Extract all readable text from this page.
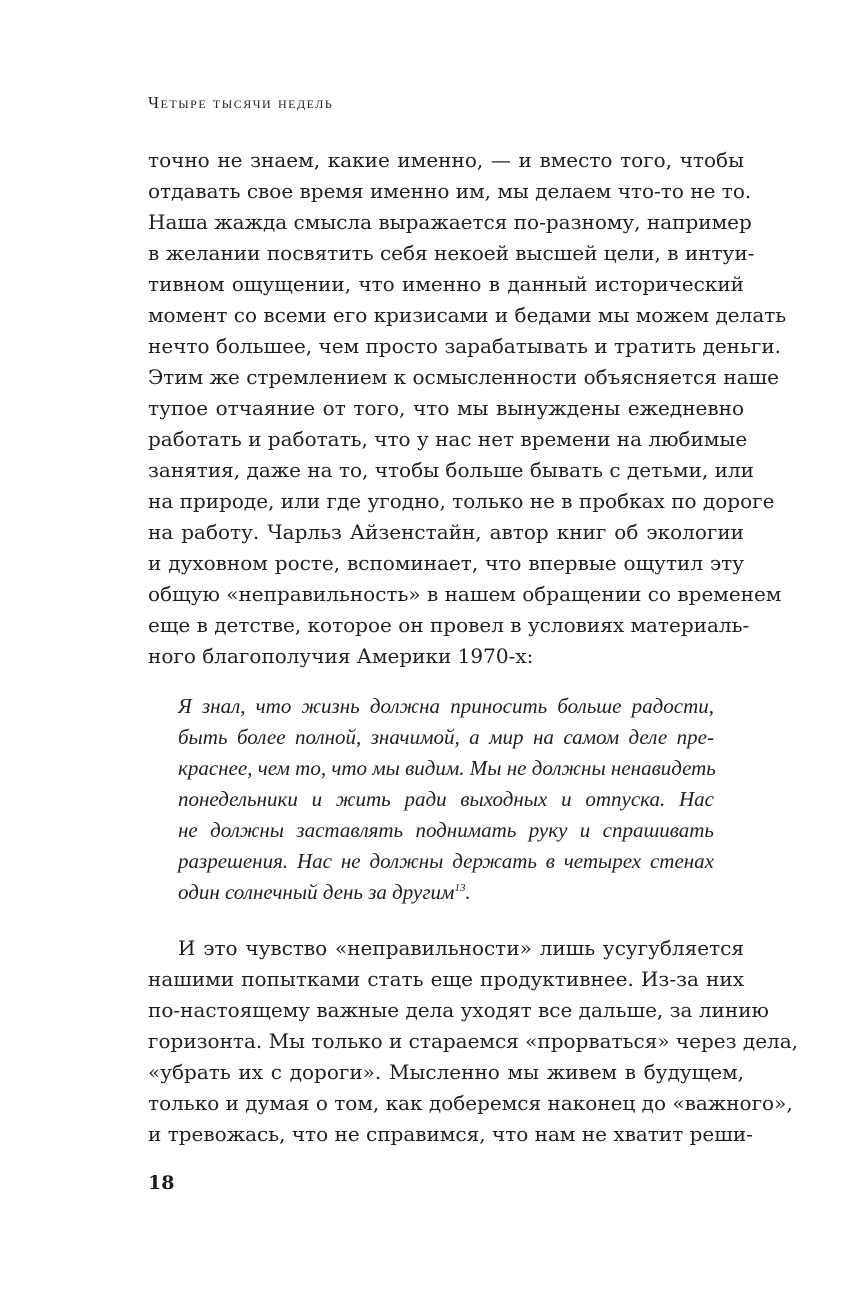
Четыре тысячи недель
точно не знаем, какие именно, — и вместо того, чтобы
отдавать свое время именно им, мы делаем что-то не то.
Наша жажда смысла выражается по-разному, например
в желании посвятить себя некоей высшей цели, в интуи-
тивном ощущении, что именно в данный исторический
момент со всеми его кризисами и бедами мы можем делать
нечто большее, чем просто зарабатывать и тратить деньги.
Этим же стремлением к осмысленности объясняется наше
тупое отчаяние от того, что мы вынуждены ежедневно
работать и работать, что у нас нет времени на любимые
занятия, даже на то, чтобы больше бывать с детьми, или
на природе, или где угодно, только не в пробках по дороге
на работу. Чарльз Айзенстайн, автор книг об экологии
и духовном росте, вспоминает, что впервые ощутил эту
общую «неправильность» в нашем обращении со временем
еще в детстве, которое он провел в условиях материаль-
ного благополучия Америки 1970-х:
Я знал, что жизнь должна приносить больше радости,
быть более полной, значимой, а мир на самом деле пре-
краснее, чем то, что мы видим. Мы не должны ненавидеть
понедельники и жить ради выходных и отпуска. Нас
не должны заставлять поднимать руку и спрашивать
разрешения. Нас не должны держать в четырех стенах
один солнечный день за другим$^{13}$.
И это чувство «неправильности» лишь усугубляется
нашими попытками стать еще продуктивнее. Из-за них
по-настоящему важные дела уходят все дальше, за линию
горизонта. Мы только и стараемся «прорваться» через дела,
«убрать их с дороги». Мысленно мы живем в будущем,
только и думая о том, как доберемся наконец до «важного»,
и тревожась, что не справимся, что нам не хватит реши-
18
